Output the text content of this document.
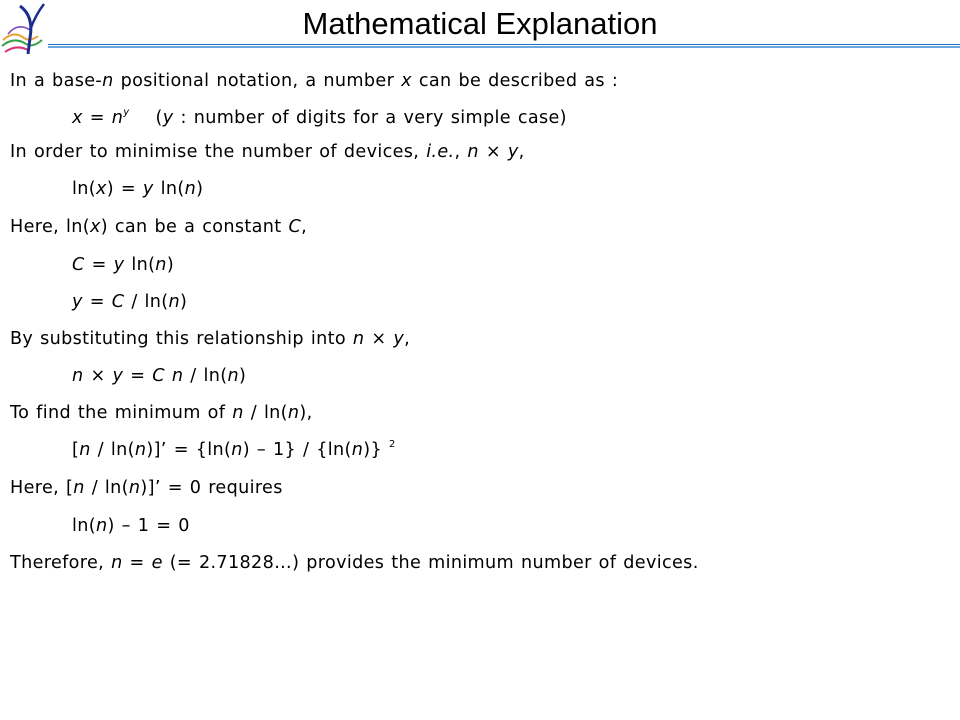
Mathematical Explanation
In a base-n positional notation, a number x can be described as :
$x = n^y$ (y : number of digits for a very simple case)
In order to minimise the number of devices, i.e., n × y,
ln(x) = y ln(n)
Here, ln(x) can be a constant C,
C = y ln(n)
y = C / ln(n)
By substituting this relationship into n × y,
n × y = C n / ln(n)
To find the minimum of n / ln(n),
[n / ln(n)]’ = {ln(n) – 1} / {ln(n)} $^2$
Here, [n / ln(n)]’ = 0 requires
ln(n) – 1 = 0
Therefore, n = e (= 2.71828…) provides the minimum number of devices.
